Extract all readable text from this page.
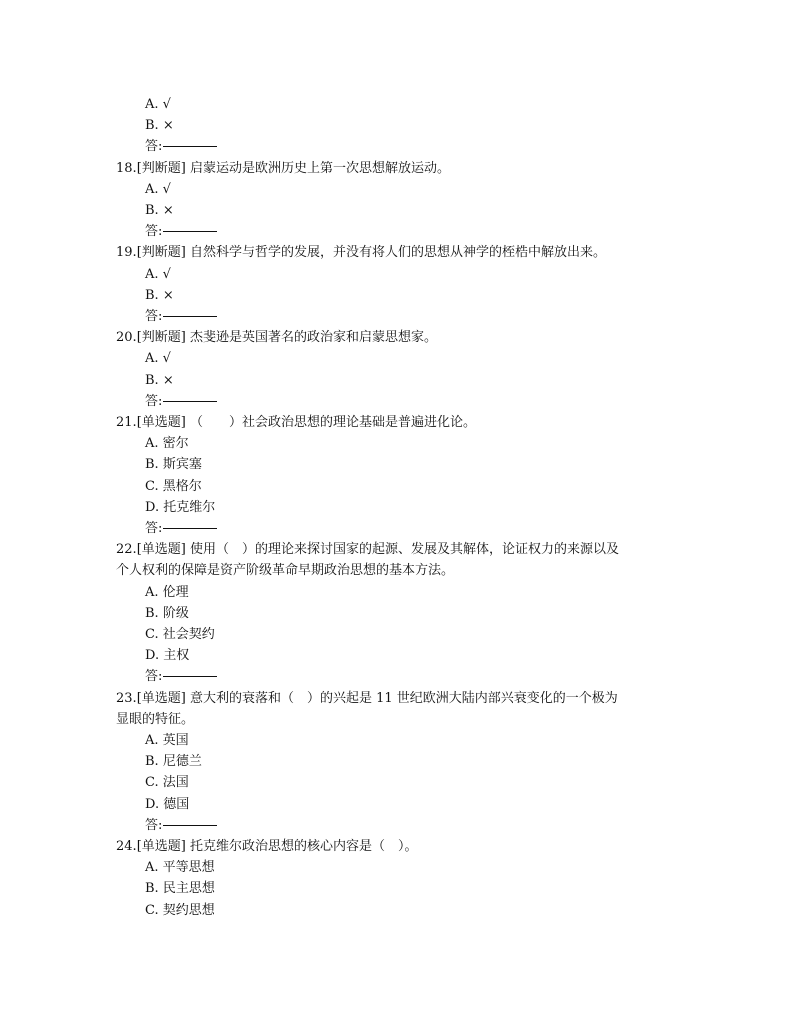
A. √
B. ×
答:
18.[判断题] 启蒙运动是欧洲历史上第一次思想解放运动。
A. √
B. ×
答:
19.[判断题] 自然科学与哲学的发展，并没有将人们的思想从神学的桎梏中解放出来。
A. √
B. ×
答:
20.[判断题] 杰斐逊是英国著名的政治家和启蒙思想家。
A. √
B. ×
答:
21.[单选题] （　　）社会政治思想的理论基础是普遍进化论。
A. 密尔
B. 斯宾塞
C. 黑格尔
D. 托克维尔
答:
22.[单选题] 使用（　）的理论来探讨国家的起源、发展及其解体，论证权力的来源以及
个人权利的保障是资产阶级革命早期政治思想的基本方法。
A. 伦理
B. 阶级
C. 社会契约
D. 主权
答:
23.[单选题] 意大利的衰落和（　）的兴起是 11 世纪欧洲大陆内部兴衰变化的一个极为
显眼的特征。
A. 英国
B. 尼德兰
C. 法国
D. 德国
答:
24.[单选题] 托克维尔政治思想的核心内容是（　）。
A. 平等思想
B. 民主思想
C. 契约思想
